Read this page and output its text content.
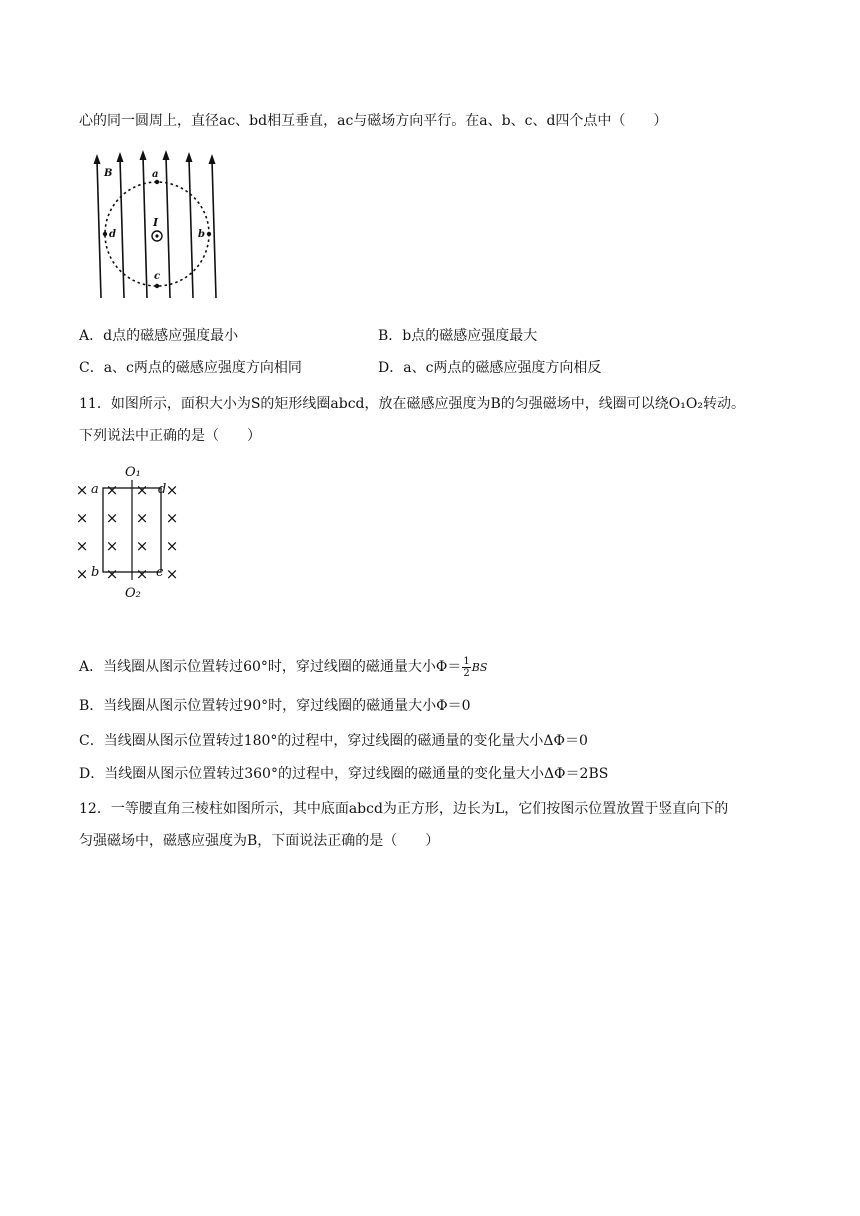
心的同一圆周上，直径ac、bd相互垂直，ac与磁场方向平行。在a、b、c、d四个点中（　　）
B	a
b
c
d
I
A．d点的磁感应强度最小	B．b点的磁感应强度最大
C．a、c两点的磁感应强度方向相同	D．a、c两点的磁感应强度方向相反
11．如图所示，面积大小为S的矩形线圈abcd，放在磁感应强度为B的匀强磁场中，线圈可以绕O₁O₂转动。
下列说法中正确的是（　　）
× × × ×
× × × ×
× × × ×
× × × ×
O₁
O₂
a
b	c
d
A．当线圈从图示位置转过60°时，穿过线圈的磁通量大小$\Phi= \frac{1}{2}$ BS
B．当线圈从图示位置转过90°时，穿过线圈的磁通量大小Φ＝0
C．当线圈从图示位置转过180°的过程中，穿过线圈的磁通量的变化量大小ΔΦ＝0
D．当线圈从图示位置转过360°的过程中，穿过线圈的磁通量的变化量大小ΔΦ＝2BS
12．一等腰直角三棱柱如图所示，其中底面abcd为正方形，边长为L，它们按图示位置放置于竖直向下的
匀强磁场中，磁感应强度为B，下面说法正确的是（　　）
